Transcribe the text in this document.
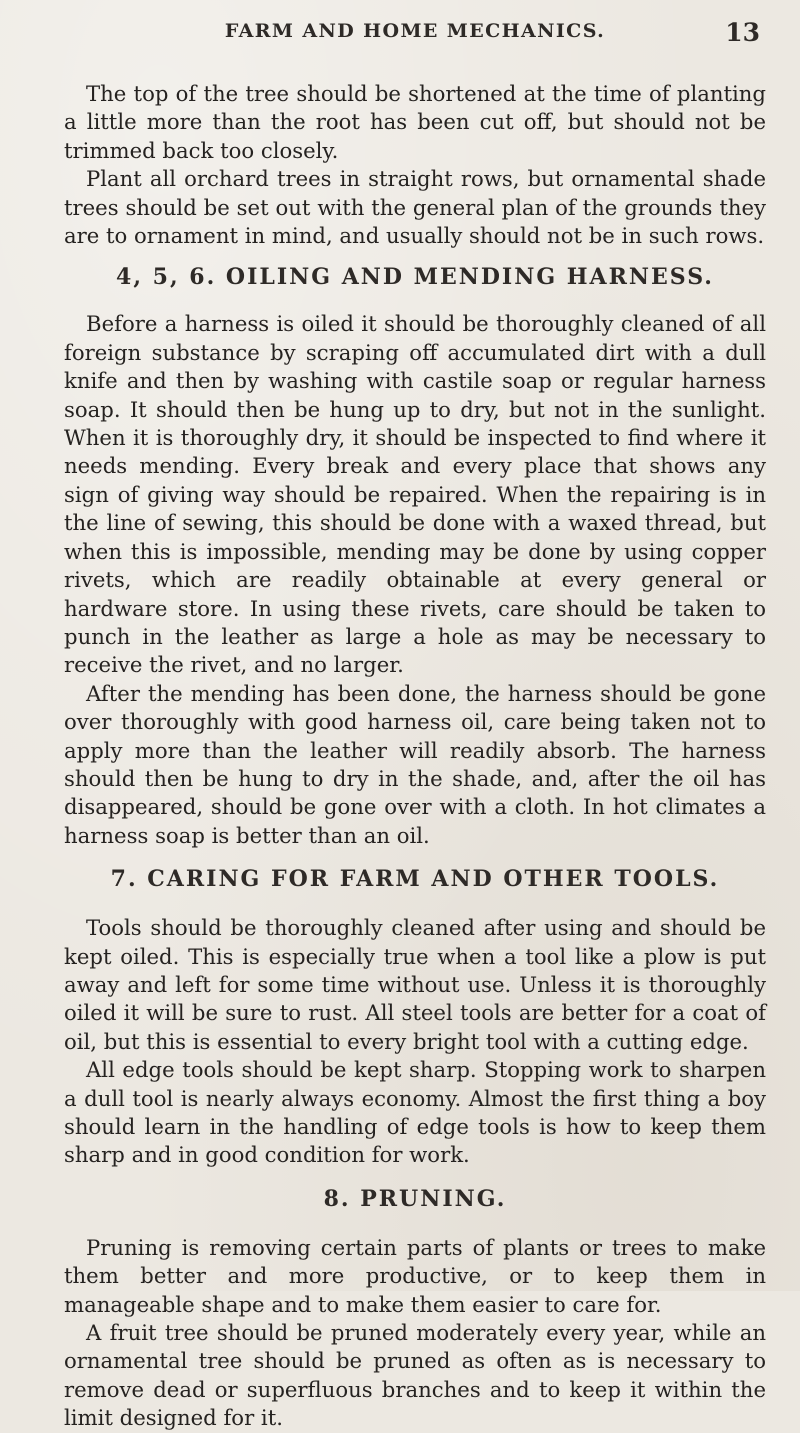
FARM AND HOME MECHANICS.	13

The top of the tree should be shortened at the time of planting a little more than the root has been cut off, but should not be trimmed back too closely.

Plant all orchard trees in straight rows, but ornamental shade trees should be set out with the general plan of the grounds they are to ornament in mind, and usually should not be in such rows.

4, 5, 6. OILING AND MENDING HARNESS.

Before a harness is oiled it should be thoroughly cleaned of all foreign substance by scraping off accumulated dirt with a dull knife and then by washing with castile soap or regular harness soap. It should then be hung up to dry, but not in the sunlight. When it is thoroughly dry, it should be inspected to find where it needs mending. Every break and every place that shows any sign of giving way should be repaired. When the repairing is in the line of sewing, this should be done with a waxed thread, but when this is impossible, mending may be done by using copper rivets, which are readily obtainable at every general or hardware store. In using these rivets, care should be taken to punch in the leather as large a hole as may be necessary to receive the rivet, and no larger.

After the mending has been done, the harness should be gone over thoroughly with good harness oil, care being taken not to apply more than the leather will readily absorb. The harness should then be hung to dry in the shade, and, after the oil has disappeared, should be gone over with a cloth. In hot climates a harness soap is better than an oil.

7. CARING FOR FARM AND OTHER TOOLS.

Tools should be thoroughly cleaned after using and should be kept oiled. This is especially true when a tool like a plow is put away and left for some time without use. Unless it is thoroughly oiled it will be sure to rust. All steel tools are better for a coat of oil, but this is essential to every bright tool with a cutting edge.

All edge tools should be kept sharp. Stopping work to sharpen a dull tool is nearly always economy. Almost the first thing a boy should learn in the handling of edge tools is how to keep them sharp and in good condition for work.

8. PRUNING.

Pruning is removing certain parts of plants or trees to make them better and more productive, or to keep them in manageable shape and to make them easier to care for.

A fruit tree should be pruned moderately every year, while an ornamental tree should be pruned as often as is necessary to remove dead or superfluous branches and to keep it within the limit designed for it.
